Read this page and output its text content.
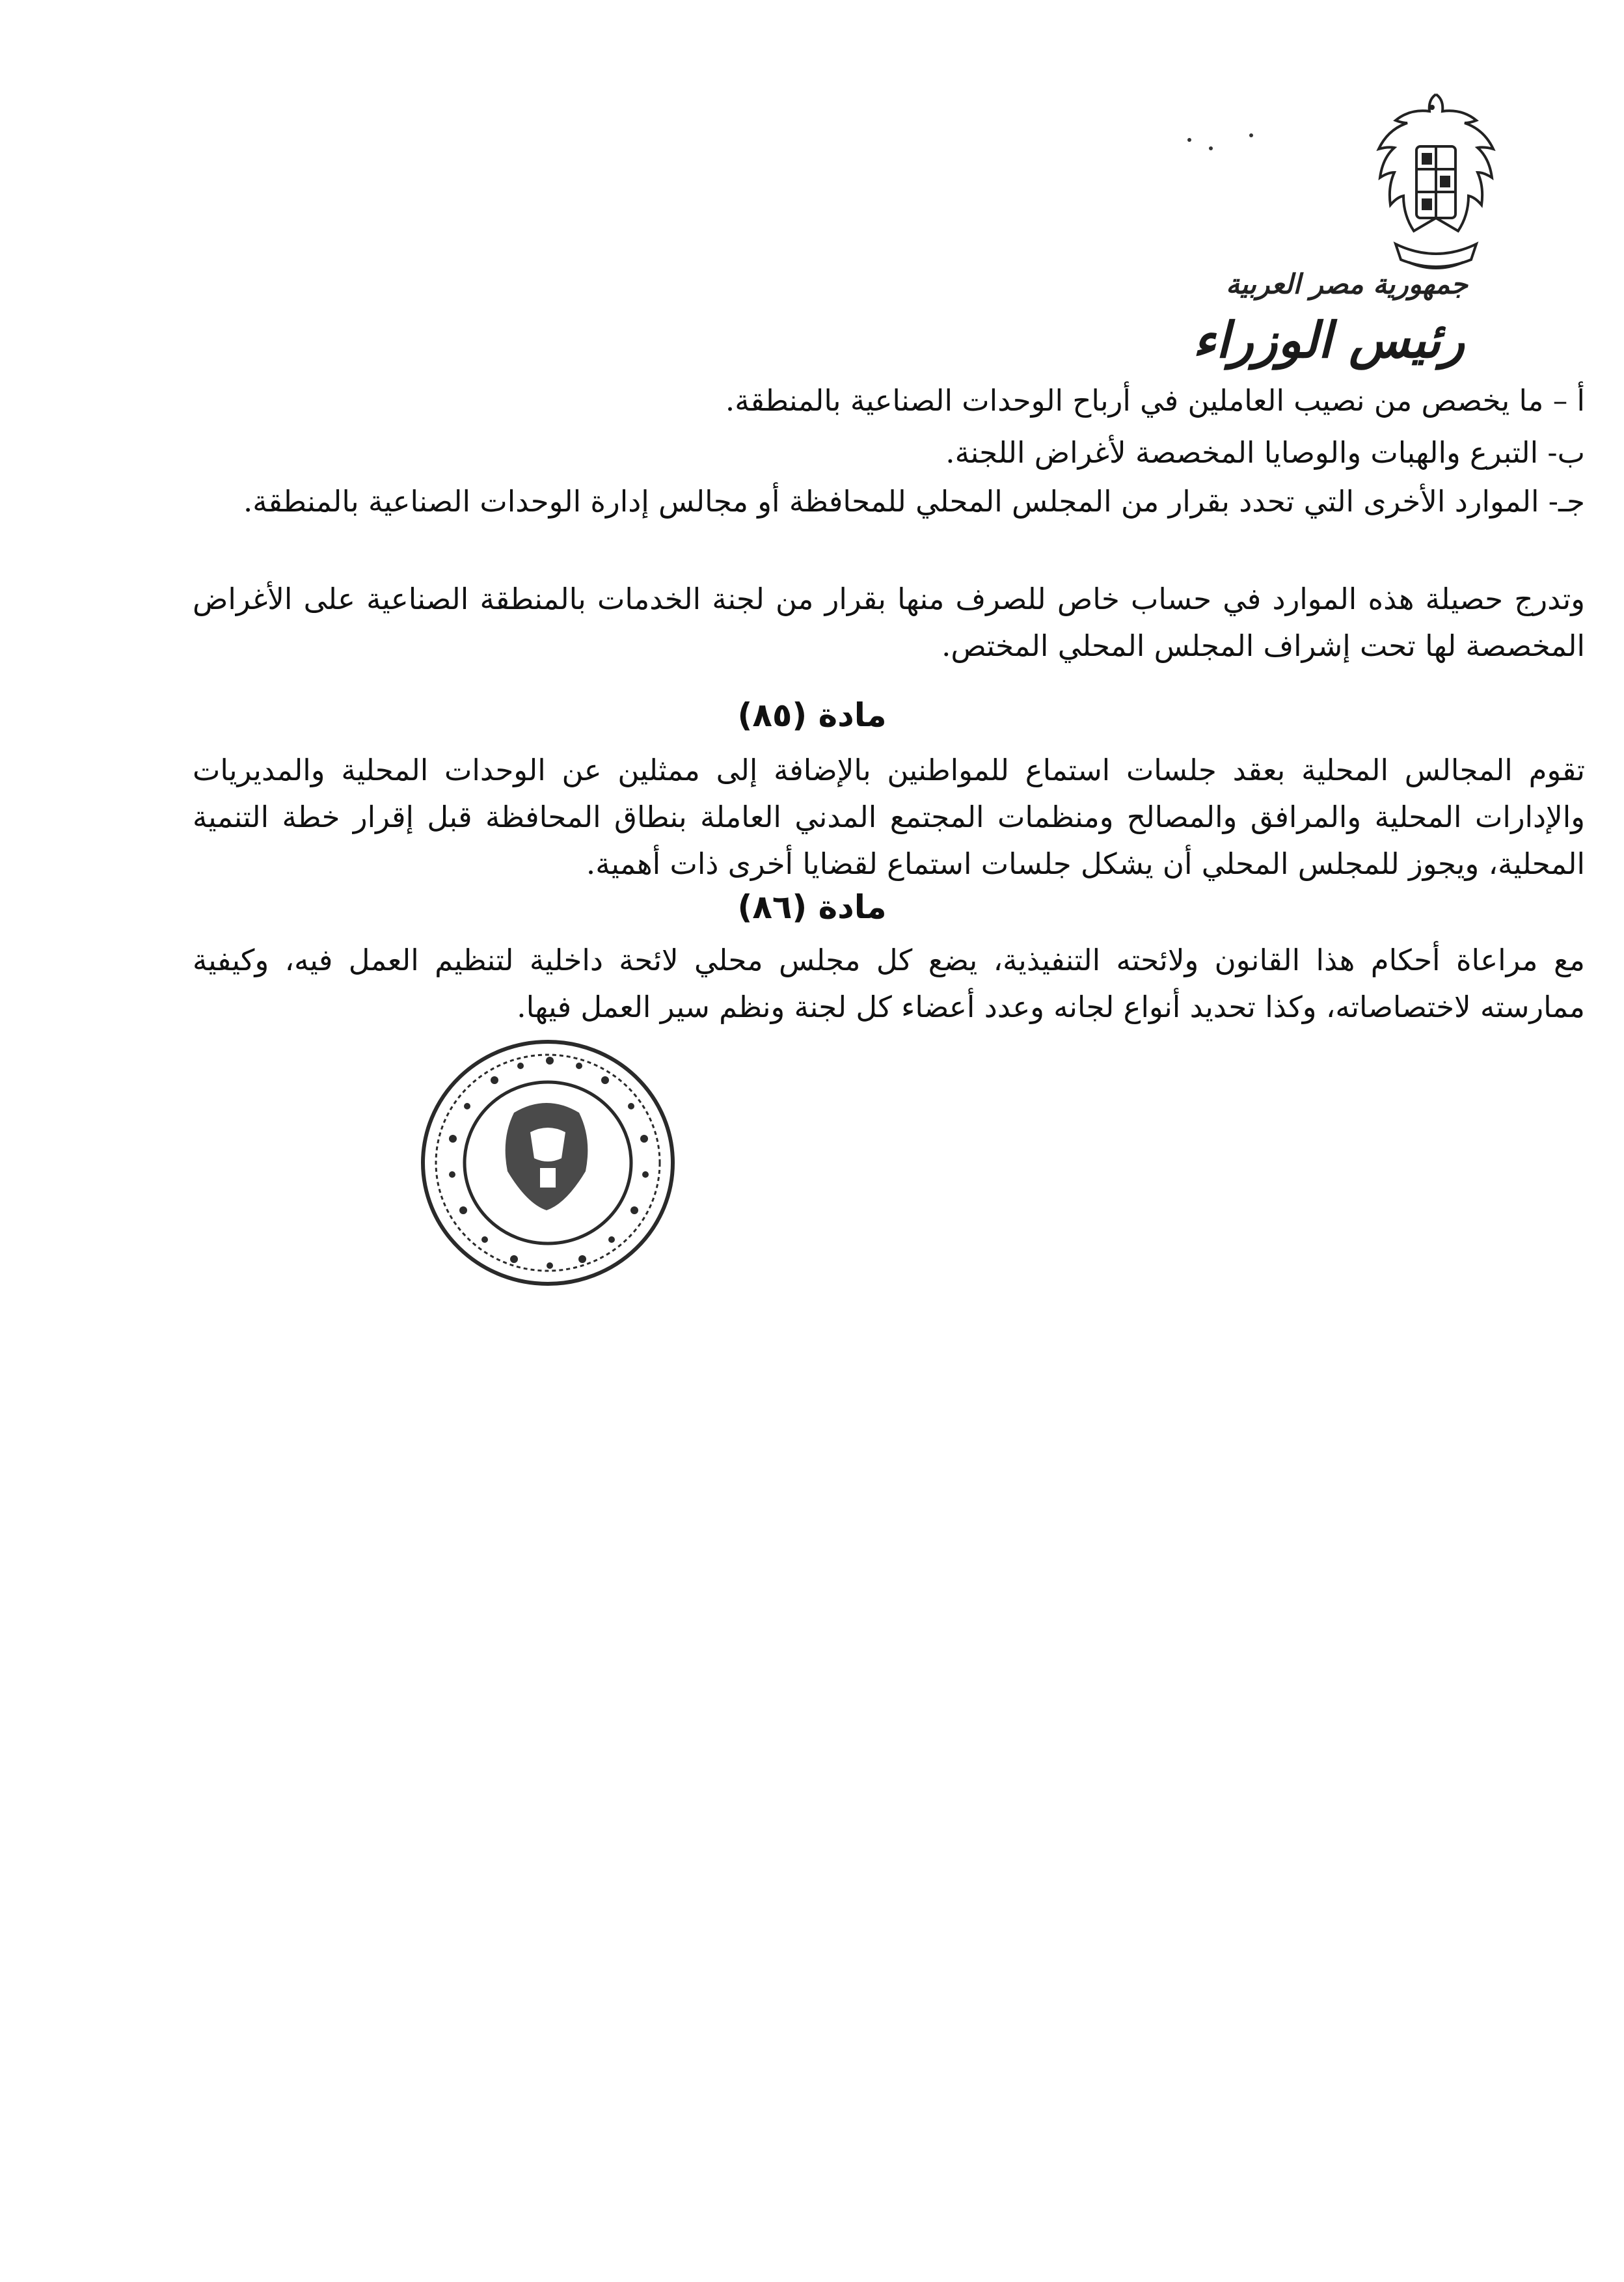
جمهورية مصر العربية
رئيس الوزراء

أ – ما يخصص من نصيب العاملين في أرباح الوحدات الصناعية بالمنطقة.

ب- التبرع والهبات والوصايا المخصصة لأغراض اللجنة.

جـ- الموارد الأخرى التي تحدد بقرار من المجلس المحلي للمحافظة أو مجالس إدارة الوحدات الصناعية بالمنطقة.

وتدرج حصيلة هذه الموارد في حساب خاص للصرف منها بقرار من لجنة الخدمات بالمنطقة الصناعية على الأغراض المخصصة لها تحت إشراف المجلس المحلي المختص.

مادة (٨٥)

تقوم المجالس المحلية بعقد جلسات استماع للمواطنين بالإضافة إلى ممثلين عن الوحدات المحلية والمديريات والإدارات المحلية والمرافق والمصالح ومنظمات المجتمع المدني العاملة بنطاق المحافظة قبل إقرار خطة التنمية المحلية، ويجوز للمجلس المحلي أن يشكل جلسات استماع لقضايا أخرى ذات أهمية.

مادة (٨٦)

مع مراعاة أحكام هذا القانون ولائحته التنفيذية، يضع كل مجلس محلي لائحة داخلية لتنظيم العمل فيه، وكيفية ممارسته لاختصاصاته، وكذا تحديد أنواع لجانه وعدد أعضاء كل لجنة ونظم سير العمل فيها.
